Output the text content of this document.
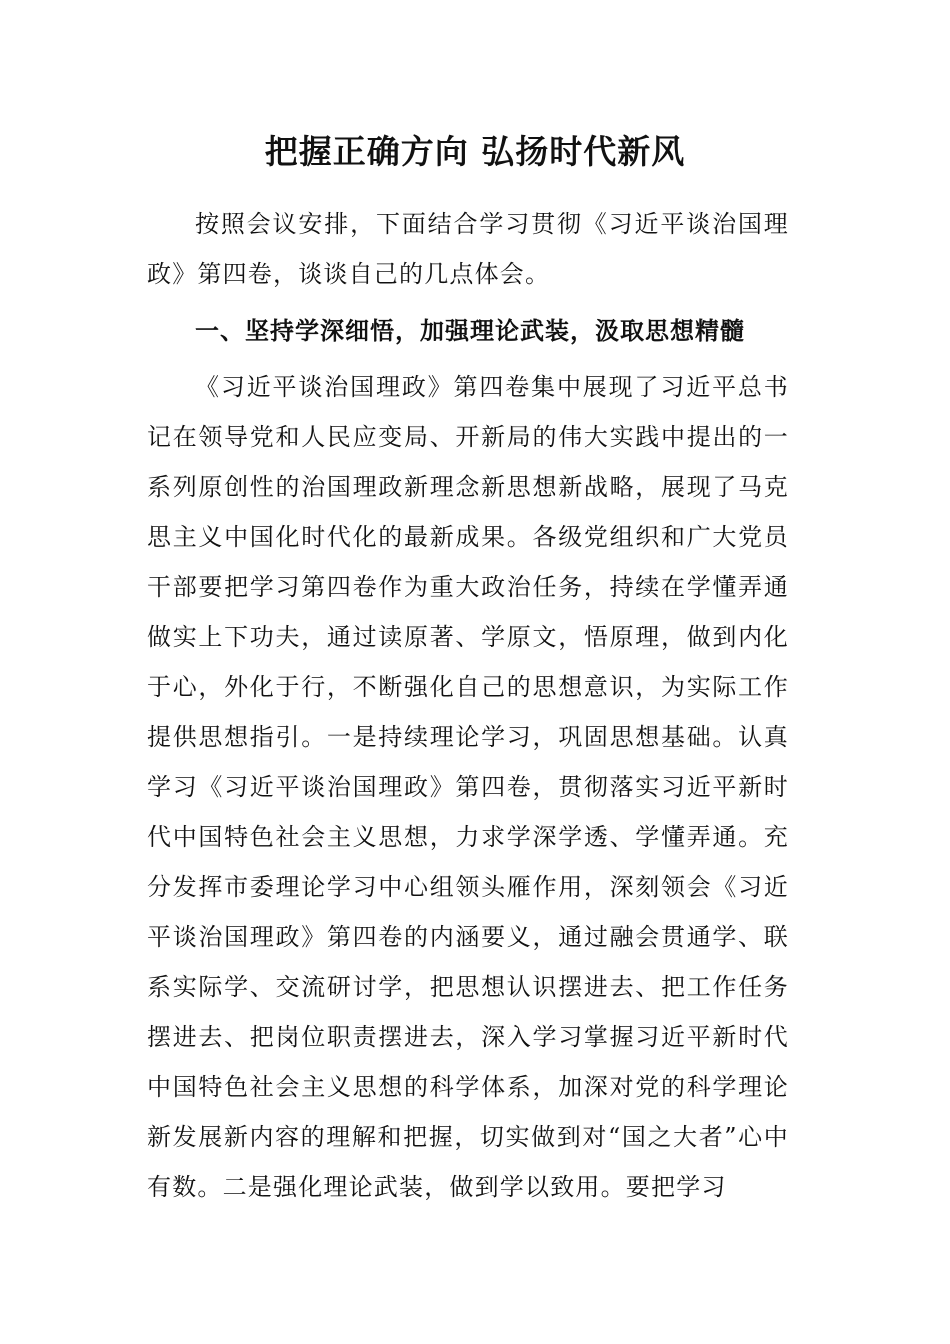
把握正确方向 弘扬时代新风

按照会议安排，下面结合学习贯彻《习近平谈治国理政》第四卷，谈谈自己的几点体会。

一、坚持学深细悟，加强理论武装，汲取思想精髓

《习近平谈治国理政》第四卷集中展现了习近平总书记在领导党和人民应变局、开新局的伟大实践中提出的一系列原创性的治国理政新理念新思想新战略，展现了马克思主义中国化时代化的最新成果。各级党组织和广大党员干部要把学习第四卷作为重大政治任务，持续在学懂弄通做实上下功夫，通过读原著、学原文，悟原理，做到内化于心，外化于行，不断强化自己的思想意识，为实际工作提供思想指引。一是持续理论学习，巩固思想基础。认真学习《习近平谈治国理政》第四卷，贯彻落实习近平新时代中国特色社会主义思想，力求学深学透、学懂弄通。充分发挥市委理论学习中心组领头雁作用，深刻领会《习近平谈治国理政》第四卷的内涵要义，通过融会贯通学、联系实际学、交流研讨学，把思想认识摆进去、把工作任务摆进去、把岗位职责摆进去，深入学习掌握习近平新时代中国特色社会主义思想的科学体系，加深对党的科学理论新发展新内容的理解和把握，切实做到对“国之大者”心中有数。二是强化理论武装，做到学以致用。要把学习
